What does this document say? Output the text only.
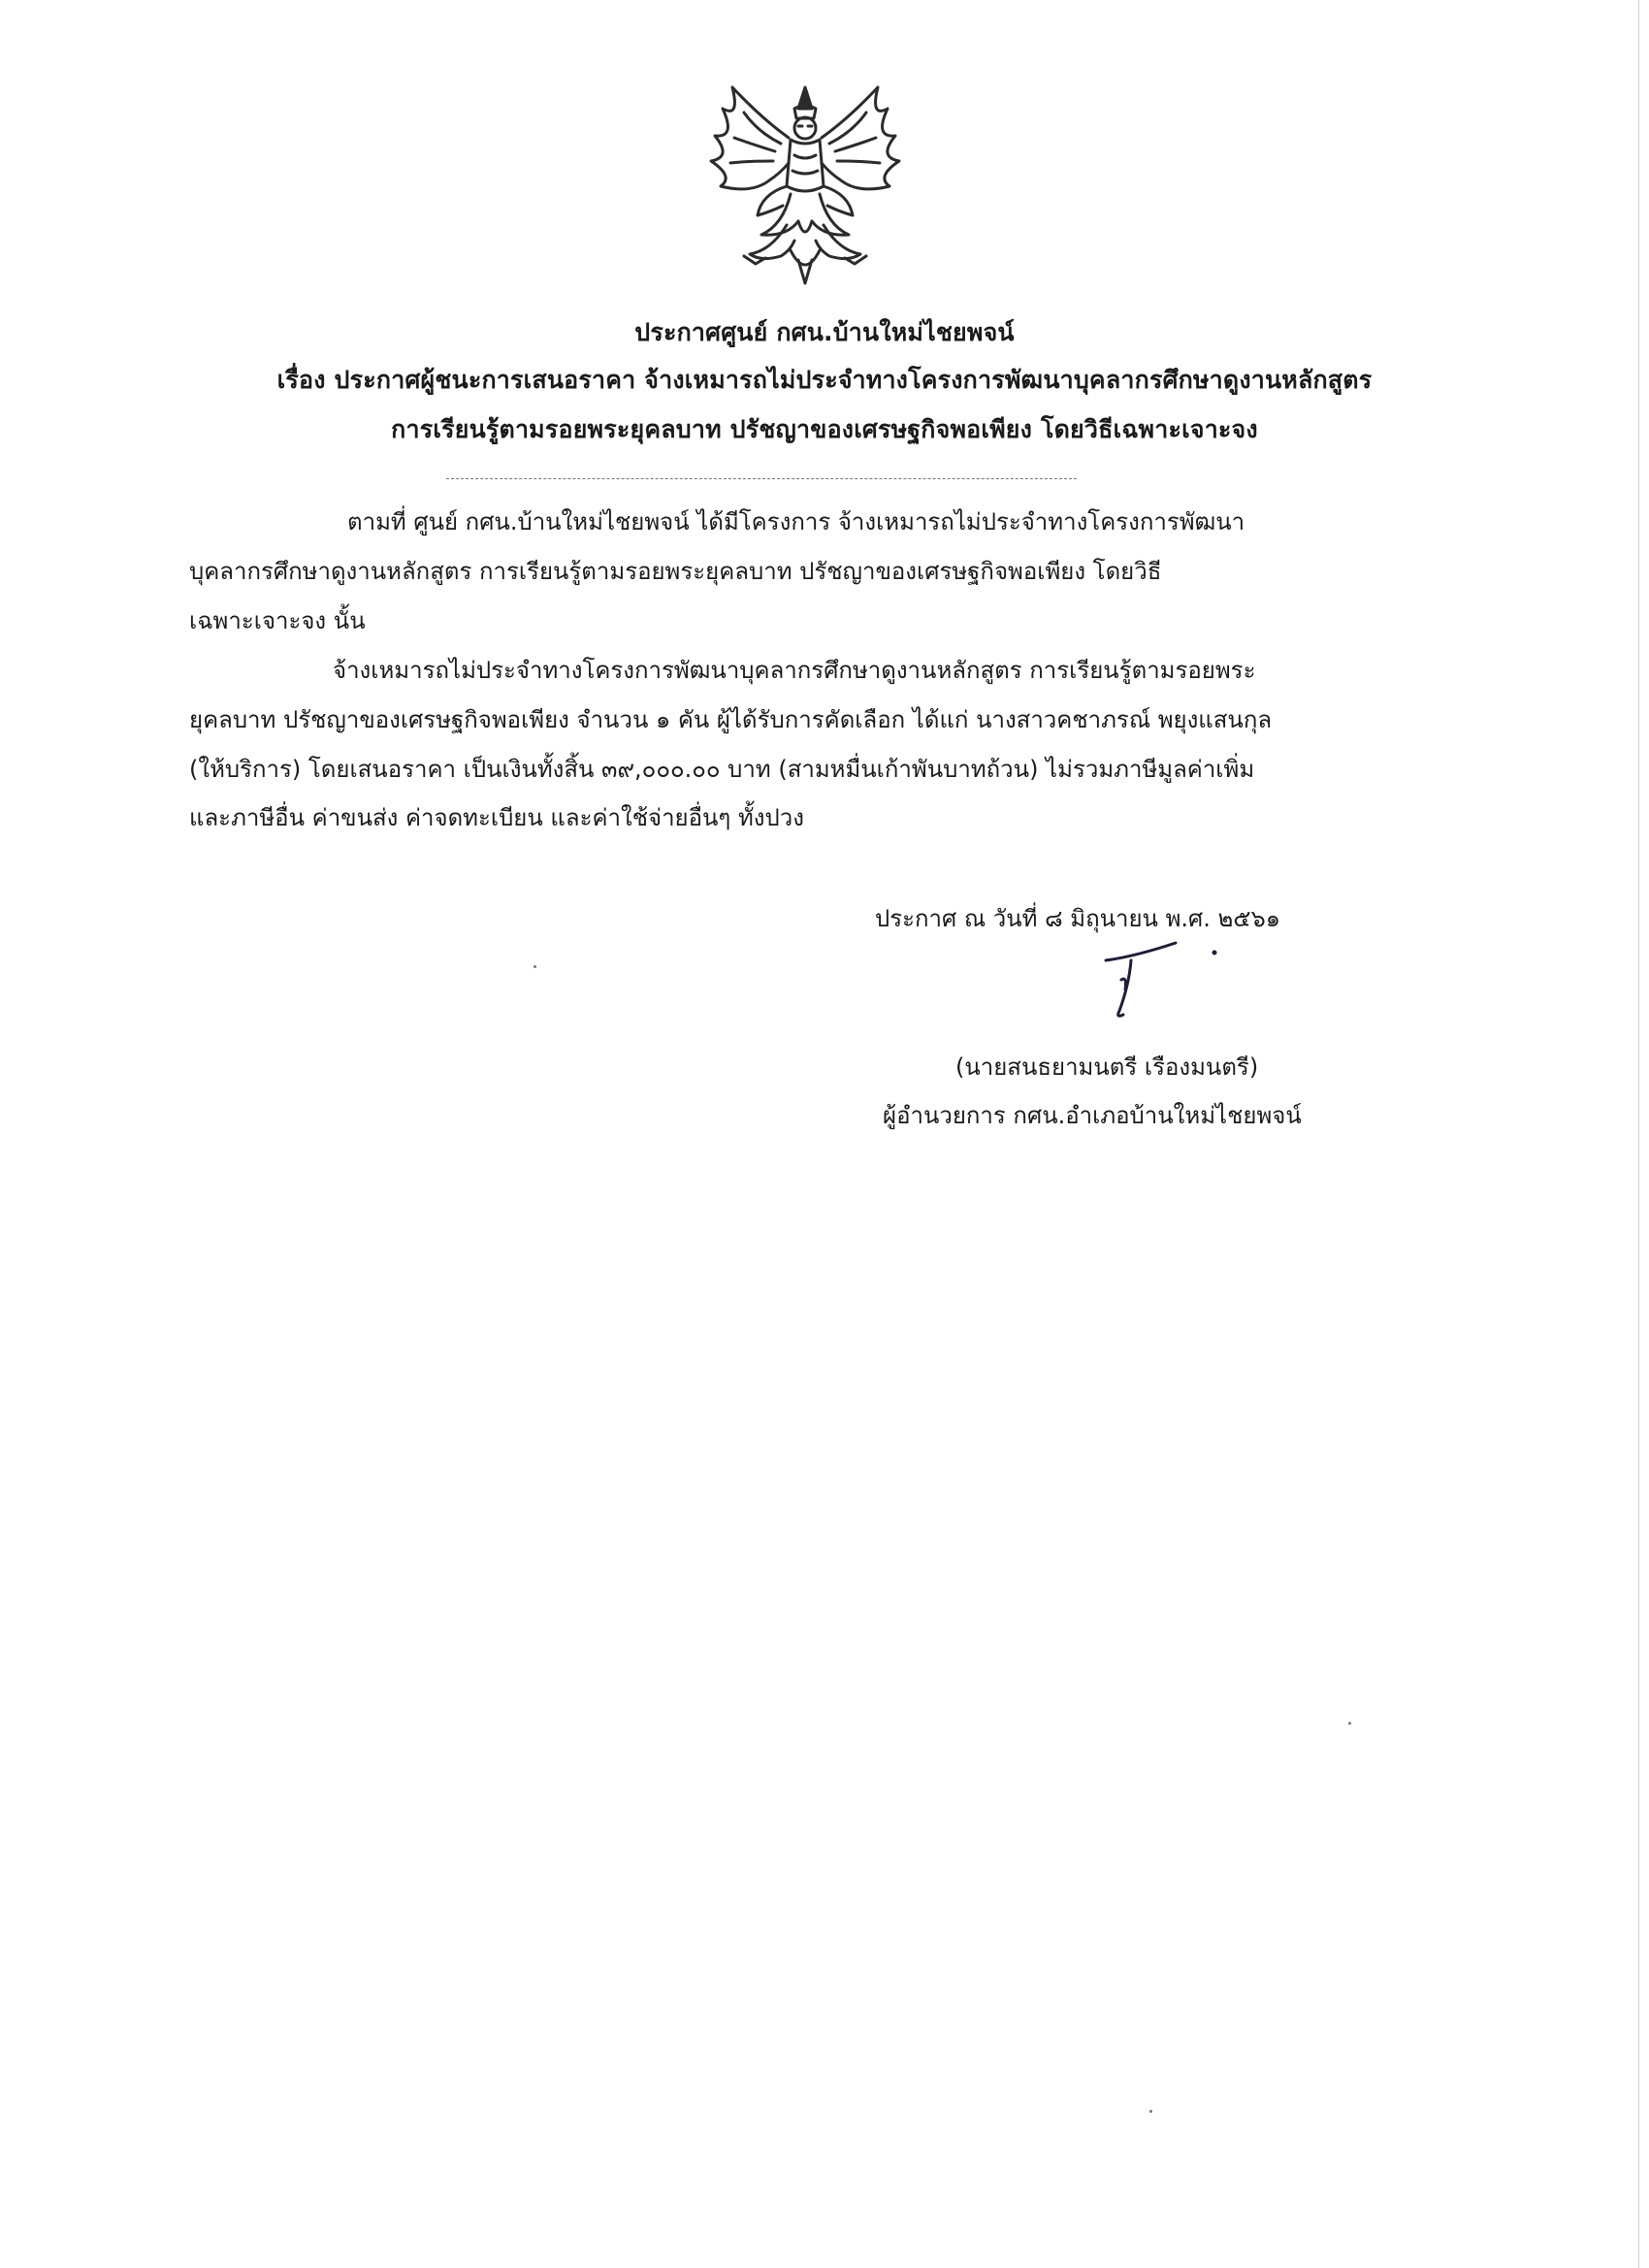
ประกาศศูนย์ กศน.บ้านใหม่ไชยพจน์
เรื่อง ประกาศผู้ชนะการเสนอราคา จ้างเหมารถไม่ประจำทางโครงการพัฒนาบุคลากรศึกษาดูงานหลักสูตร
การเรียนรู้ตามรอยพระยุคลบาท ปรัชญาของเศรษฐกิจพอเพียง โดยวิธีเฉพาะเจาะจง
ตามที่ ศูนย์ กศน.บ้านใหม่ไชยพจน์ ได้มีโครงการ จ้างเหมารถไม่ประจำทางโครงการพัฒนา
บุคลากรศึกษาดูงานหลักสูตร การเรียนรู้ตามรอยพระยุคลบาท ปรัชญาของเศรษฐกิจพอเพียง โดยวิธี
เฉพาะเจาะจง นั้น
จ้างเหมารถไม่ประจำทางโครงการพัฒนาบุคลากรศึกษาดูงานหลักสูตร การเรียนรู้ตามรอยพระ
ยุคลบาท ปรัชญาของเศรษฐกิจพอเพียง จำนวน ๑ คัน ผู้ได้รับการคัดเลือก ได้แก่ นางสาวคชาภรณ์ พยุงแสนกุล
(ให้บริการ) โดยเสนอราคา เป็นเงินทั้งสิ้น ๓๙,๐๐๐.๐๐ บาท (สามหมื่นเก้าพันบาทถ้วน) ไม่รวมภาษีมูลค่าเพิ่ม
และภาษีอื่น ค่าขนส่ง ค่าจดทะเบียน และค่าใช้จ่ายอื่นๆ ทั้งปวง
ประกาศ ณ วันที่ ๘ มิถุนายน พ.ศ. ๒๕๖๑
(นายสนธยามนตรี เรืองมนตรี)
ผู้อำนวยการ กศน.อำเภอบ้านใหม่ไชยพจน์
